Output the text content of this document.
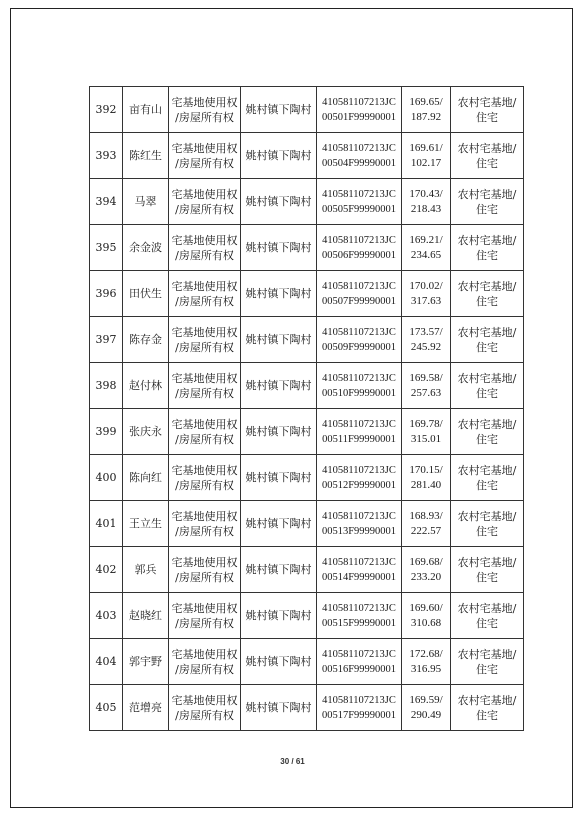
392	亩有山	宅基地使用权
/房屋所有权	姚村镇下陶村	410581107213JC
00501F99990001	169.65/
187.92	农村宅基地/
住宅

393	陈红生	宅基地使用权
/房屋所有权	姚村镇下陶村	410581107213JC
00504F99990001	169.61/
102.17	农村宅基地/
住宅

394	马翠	宅基地使用权
/房屋所有权	姚村镇下陶村	410581107213JC
00505F99990001	170.43/
218.43	农村宅基地/
住宅

395	余金波	宅基地使用权
/房屋所有权	姚村镇下陶村	410581107213JC
00506F99990001	169.21/
234.65	农村宅基地/
住宅

396	田伏生	宅基地使用权
/房屋所有权	姚村镇下陶村	410581107213JC
00507F99990001	170.02/
317.63	农村宅基地/
住宅

397	陈存金	宅基地使用权
/房屋所有权	姚村镇下陶村	410581107213JC
00509F99990001	173.57/
245.92	农村宅基地/
住宅

398	赵付林	宅基地使用权
/房屋所有权	姚村镇下陶村	410581107213JC
00510F99990001	169.58/
257.63	农村宅基地/
住宅

399	张庆永	宅基地使用权
/房屋所有权	姚村镇下陶村	410581107213JC
00511F99990001	169.78/
315.01	农村宅基地/
住宅

400	陈向红	宅基地使用权
/房屋所有权	姚村镇下陶村	410581107213JC
00512F99990001	170.15/
281.40	农村宅基地/
住宅

401	王立生	宅基地使用权
/房屋所有权	姚村镇下陶村	410581107213JC
00513F99990001	168.93/
222.57	农村宅基地/
住宅

402	郭兵	宅基地使用权
/房屋所有权	姚村镇下陶村	410581107213JC
00514F99990001	169.68/
233.20	农村宅基地/
住宅

403	赵晓红	宅基地使用权
/房屋所有权	姚村镇下陶村	410581107213JC
00515F99990001	169.60/
310.68	农村宅基地/
住宅

404	郭宇野	宅基地使用权
/房屋所有权	姚村镇下陶村	410581107213JC
00516F99990001	172.68/
316.95	农村宅基地/
住宅

405	范增亮	宅基地使用权
/房屋所有权	姚村镇下陶村	410581107213JC
00517F99990001	169.59/
290.49	农村宅基地/
住宅
30 / 61
